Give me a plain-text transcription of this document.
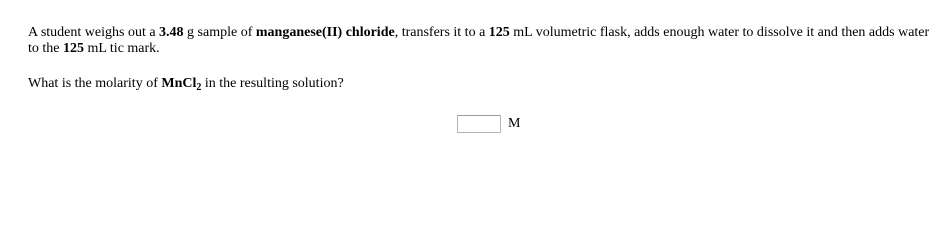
A student weighs out a 3.48 g sample of manganese(II) chloride, transfers it to a 125 mL volumetric flask, adds enough water to dissolve it and then adds water to the 125 mL tic mark.

What is the molarity of MnCl$_2$ in the resulting solution?

M
